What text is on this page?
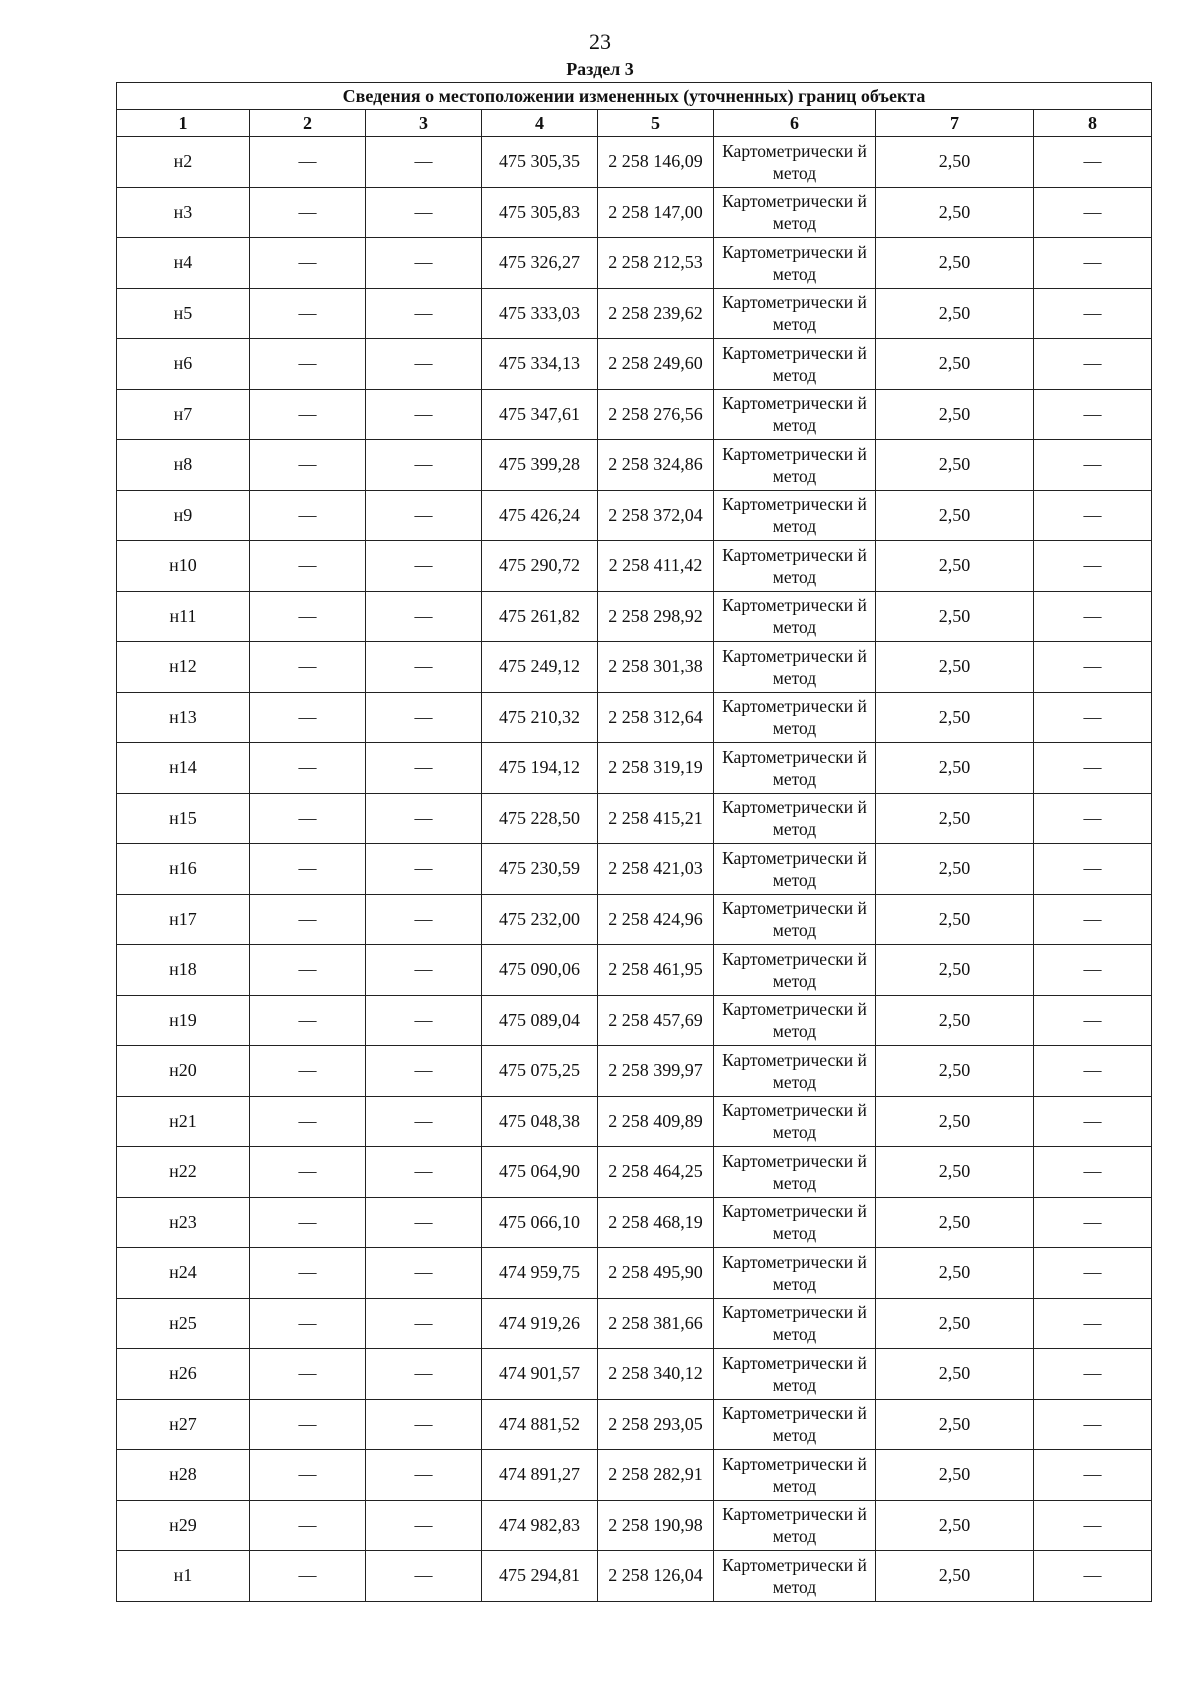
23
Раздел 3
Сведения о местоположении измененных (уточненных) границ объекта							
1	2	3	4	5	6	7	8
н2	—	—	475 305,35	2 258 146,09	Картометрически й метод	2,50	—
н3	—	—	475 305,83	2 258 147,00	Картометрически й метод	2,50	—
н4	—	—	475 326,27	2 258 212,53	Картометрически й метод	2,50	—
н5	—	—	475 333,03	2 258 239,62	Картометрически й метод	2,50	—
н6	—	—	475 334,13	2 258 249,60	Картометрически й метод	2,50	—
н7	—	—	475 347,61	2 258 276,56	Картометрически й метод	2,50	—
н8	—	—	475 399,28	2 258 324,86	Картометрически й метод	2,50	—
н9	—	—	475 426,24	2 258 372,04	Картометрически й метод	2,50	—
н10	—	—	475 290,72	2 258 411,42	Картометрически й метод	2,50	—
н11	—	—	475 261,82	2 258 298,92	Картометрически й метод	2,50	—
н12	—	—	475 249,12	2 258 301,38	Картометрически й метод	2,50	—
н13	—	—	475 210,32	2 258 312,64	Картометрически й метод	2,50	—
н14	—	—	475 194,12	2 258 319,19	Картометрически й метод	2,50	—
н15	—	—	475 228,50	2 258 415,21	Картометрически й метод	2,50	—
н16	—	—	475 230,59	2 258 421,03	Картометрически й метод	2,50	—
н17	—	—	475 232,00	2 258 424,96	Картометрически й метод	2,50	—
н18	—	—	475 090,06	2 258 461,95	Картометрически й метод	2,50	—
н19	—	—	475 089,04	2 258 457,69	Картометрически й метод	2,50	—
н20	—	—	475 075,25	2 258 399,97	Картометрически й метод	2,50	—
н21	—	—	475 048,38	2 258 409,89	Картометрически й метод	2,50	—
н22	—	—	475 064,90	2 258 464,25	Картометрически й метод	2,50	—
н23	—	—	475 066,10	2 258 468,19	Картометрически й метод	2,50	—
н24	—	—	474 959,75	2 258 495,90	Картометрически й метод	2,50	—
н25	—	—	474 919,26	2 258 381,66	Картометрически й метод	2,50	—
н26	—	—	474 901,57	2 258 340,12	Картометрически й метод	2,50	—
н27	—	—	474 881,52	2 258 293,05	Картометрически й метод	2,50	—
н28	—	—	474 891,27	2 258 282,91	Картометрически й метод	2,50	—
н29	—	—	474 982,83	2 258 190,98	Картометрически й метод	2,50	—
н1	—	—	475 294,81	2 258 126,04	Картометрически й метод	2,50	—
